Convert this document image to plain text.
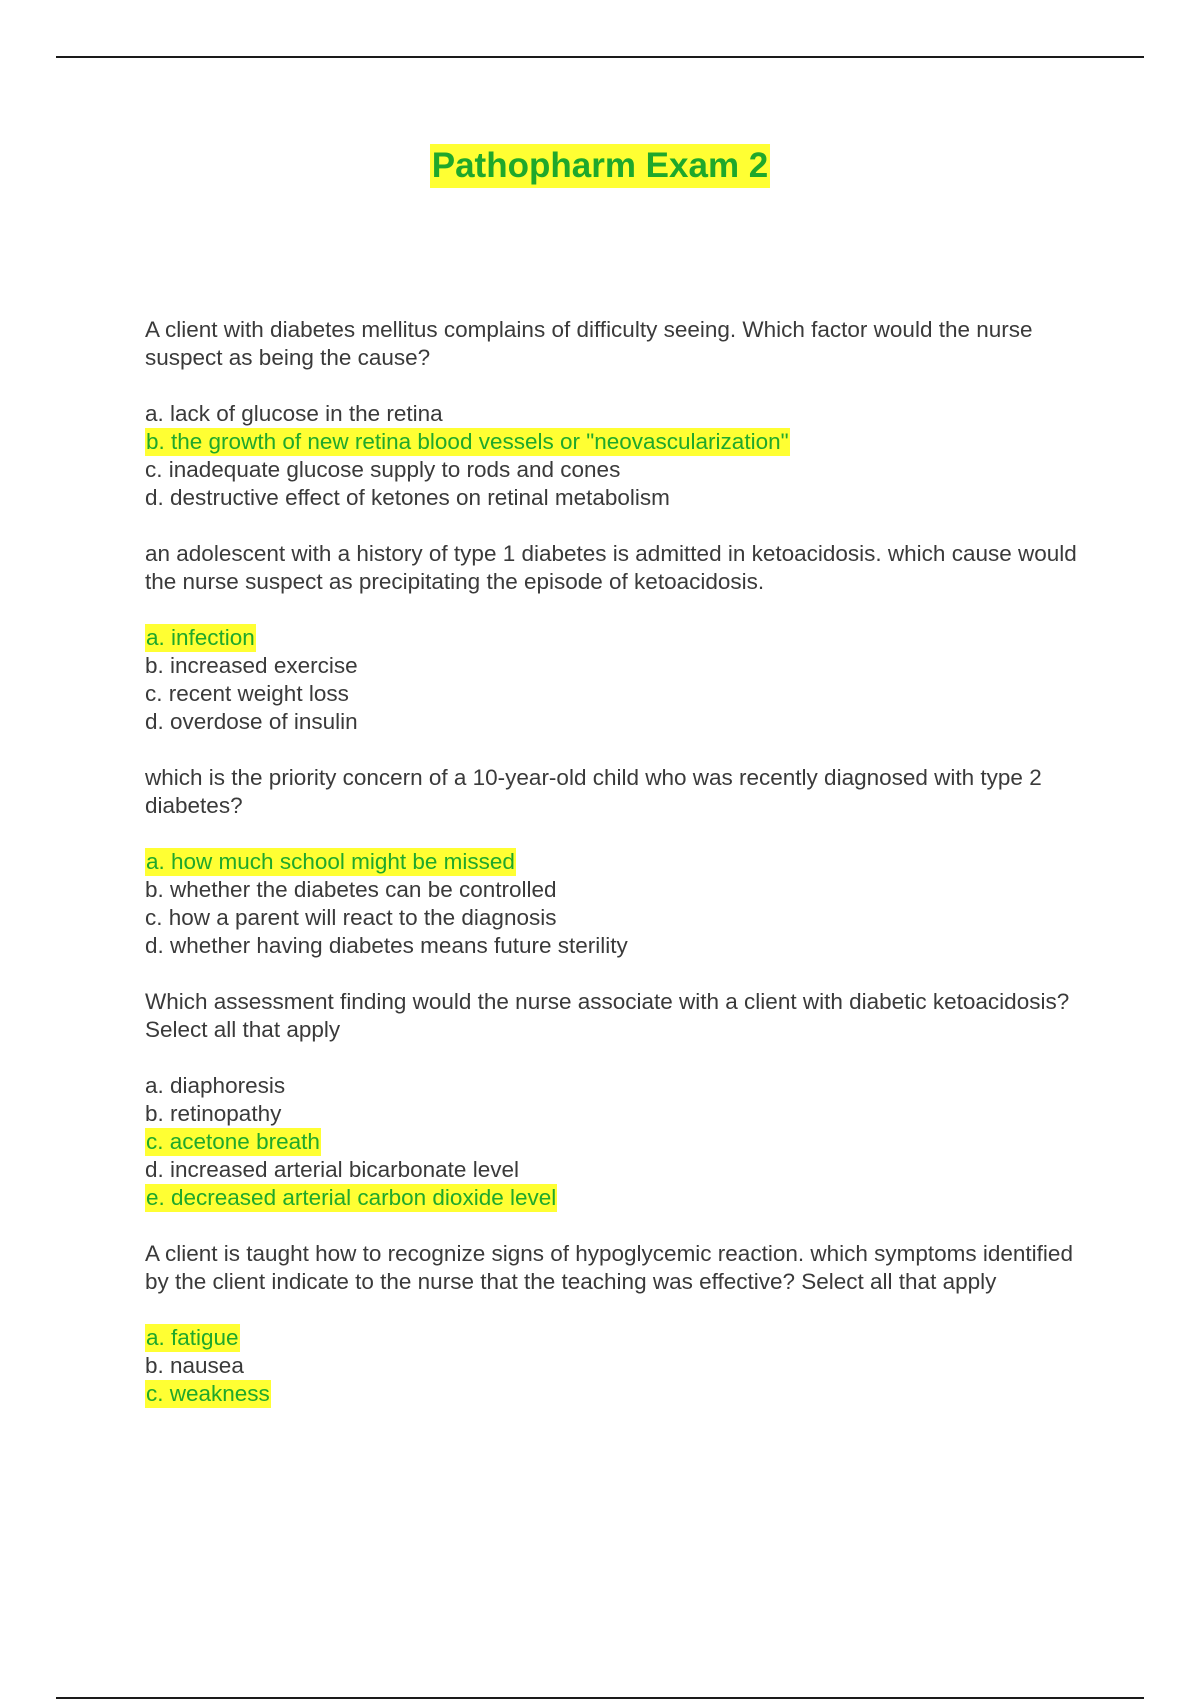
Pathopharm Exam 2

A client with diabetes mellitus complains of difficulty seeing. Which factor would the nurse suspect as being the cause?

a. lack of glucose in the retina
b. the growth of new retina blood vessels or "neovascularization"
c. inadequate glucose supply to rods and cones
d. destructive effect of ketones on retinal metabolism

an adolescent with a history of type 1 diabetes is admitted in ketoacidosis. which cause would the nurse suspect as precipitating the episode of ketoacidosis.

a. infection
b. increased exercise
c. recent weight loss
d. overdose of insulin

which is the priority concern of a 10-year-old child who was recently diagnosed with type 2 diabetes?

a. how much school might be missed
b. whether the diabetes can be controlled
c. how a parent will react to the diagnosis
d. whether having diabetes means future sterility

Which assessment finding would the nurse associate with a client with diabetic ketoacidosis? Select all that apply

a. diaphoresis
b. retinopathy
c. acetone breath
d. increased arterial bicarbonate level
e. decreased arterial carbon dioxide level

A client is taught how to recognize signs of hypoglycemic reaction. which symptoms identified by the client indicate to the nurse that the teaching was effective? Select all that apply

a. fatigue
b. nausea
c. weakness
